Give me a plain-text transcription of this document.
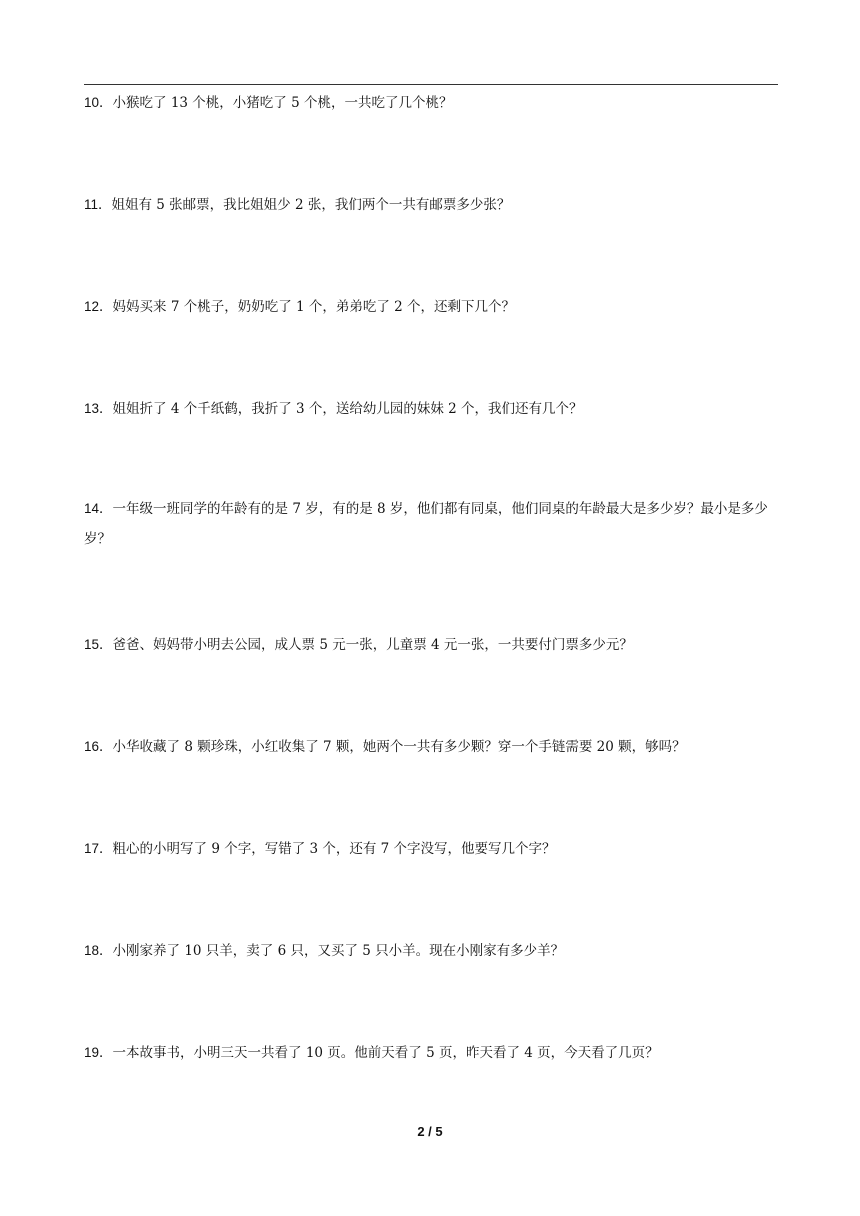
10．小猴吃了 13 个桃，小猪吃了 5 个桃，一共吃了几个桃？

11．姐姐有 5 张邮票，我比姐姐少 2 张，我们两个一共有邮票多少张？

12．妈妈买来 7 个桃子，奶奶吃了 1 个，弟弟吃了 2 个，还剩下几个？

13．姐姐折了 4 个千纸鹤，我折了 3 个，送给幼儿园的妹妹 2 个，我们还有几个？

14．一年级一班同学的年龄有的是 7 岁，有的是 8 岁，他们都有同桌，他们同桌的年龄最大是多少岁？最小是多少岁？

15．爸爸、妈妈带小明去公园，成人票 5 元一张，儿童票 4 元一张，一共要付门票多少元？

16．小华收藏了 8 颗珍珠，小红收集了 7 颗，她两个一共有多少颗？穿一个手链需要 20 颗，够吗？

17．粗心的小明写了 9 个字，写错了 3 个，还有 7 个字没写，他要写几个字？

18．小刚家养了 10 只羊，卖了 6 只，又买了 5 只小羊。现在小刚家有多少羊？

19．一本故事书，小明三天一共看了 10 页。他前天看了 5 页，昨天看了 4 页，今天看了几页？

2 / 5
